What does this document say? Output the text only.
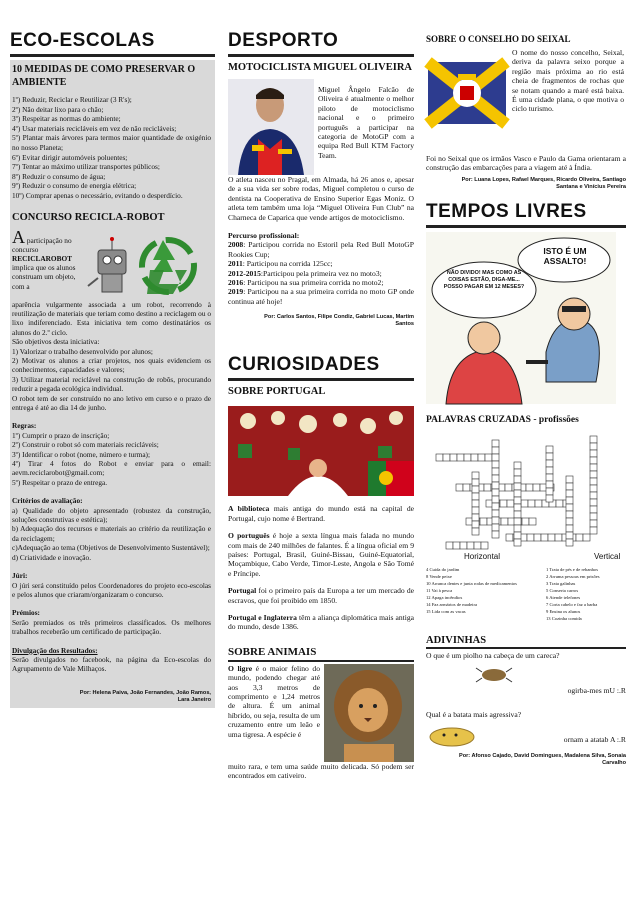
ECO-ESCOLAS
10 MEDIDAS DE COMO PRESERVAR O AMBIENTE

1º) Reduzir, Reciclar e Reutilizar (3 R's);

2º) Não deitar lixo para o chão;

3º) Respeitar as normas do ambiente;

4º) Usar materiais recicláveis em vez de não recicláveis;

5º) Plantar mais árvores para termos maior quantidade de oxigénio no nosso Planeta;

6º) Evitar dirigir automóveis poluentes;

7º) Tentar ao máximo utilizar transportes públicos;

8º) Reduzir o consumo de água;

9º) Reduzir o consumo de energia elétrica;

10º) Comprar apenas o necessário, evitando o desperdício.

CONCURSO RECICLA-ROBOT
A participação no concurso
RECICLAROBOT
implica que os alunos construam um objeto, com a
aparência vulgarmente associada a um robot, recorrendo à reutilização de materiais que teriam como destino a reciclagem ou o lixo indiferenciado. Esta iniciativa tem como destinatários os alunos do 2.º ciclo.
São objetivos desta iniciativa:

1) Valorizar o trabalho desenvolvido por alunos;

2) Motivar os alunos a criar projetos, nos quais evidenciem os conhecimentos, capacidades e valores;

3) Utilizar material reciclável na construção de robôs, procurando reduzir a pegada ecológica individual.

O robot tem de ser construído no ano letivo em curso e o prazo de entrega é até ao dia 14 de junho.
Regras:

1º) Cumprir o prazo de inscrição;

2º) Construir o robot só com materiais recicláveis;

3º) Identificar o robot (nome, número e turma);

4º) Tirar 4 fotos do Robot e enviar para o email: aevm.reciclarobot@gmail.com;

5º) Respeitar o prazo de entrega.

Critérios de avaliação:

a) Qualidade do objeto apresentado (robustez da construção, soluções construtivas e estética);

b) Adequação dos recursos e materiais ao critério da reutilização e da reciclagem;

c)Adequação ao tema (Objetivos de Desenvolvimento Sustentável);

d) Criatividade e inovação.

Júri:
O júri será constituído pelos Coordenadores do projeto eco-escolas e pelos alunos que criaram/organizaram o concurso.
Prémios:
Serão premiados os três primeiros classificados. Os melhores trabalhos receberão um certificado de participação.
Divulgação dos Resultados:
Serão divulgados no facebook, na página da Eco-escolas do Agrupamento de Vale Milhaços.
Por: Helena Paiva, João Fernandes, João Ramos, Lara Janeiro
DESPORTO
MOTOCICLISTA MIGUEL OLIVEIRA
Miguel Ângelo Falcão de Oliveira é atualmente o melhor piloto de motociclismo nacional e o primeiro português a participar na categoria de MotoGP com a equipa Red Bull KTM Factory Team.
O atleta nasceu no Pragal, em Almada, há 26 anos e, apesar de a sua vida ser sobre rodas, Miguel completou o curso de dentista na Cooperativa de Ensino Superior Egas Moniz. O atleta tem também uma loja “Miguel Oliveira Fun Club” na Charneca de Caparica que vende artigos de motociclismo.
Percurso profissional:

2008: Participou corrida no Estoril pela Red Bull MotoGP Rookies Cup;

2011: Participou na corrida 125cc;

2012-2015:Participou pela primeira vez no moto3;

2016: Participou na sua primeira corrida no moto2;

2019: Participou na a sua primeira corrida no moto GP onde continua até hoje!

Por: Carlos Santos, Filipe Condiz, Gabriel Lucas, Martim Santos
CURIOSIDADES
SOBRE PORTUGAL

A biblioteca mais antiga do mundo está na capital de Portugal, cujo nome é Bertrand.

O português é hoje a sexta língua mais falada no mundo com mais de 240 milhões de falantes. É a língua oficial em 9 países: Portugal, Brasil, Guiné-Bissau, Guiné-Equatorial, Moçambique, Cabo Verde, Timor-Leste, Angola e São Tomé e Príncipe.

Portugal foi o primeiro país da Europa a ter um mercado de escravos, que foi proibido em 1850.

Portugal e Inglaterra têm a aliança diplomática mais antiga do mundo, desde 1386.

SOBRE ANIMAIS
O ligre é o maior felino do mundo, podendo chegar até aos 3,3 metros de comprimento e 1,24 metros de altura. É um animal híbrido, ou seja, resulta de um cruzamento entre um leão e uma tigresa. A espécie é
muito rara, e tem uma saúde muito delicada. Só podem ser encontrados em cativeiro.
SOBRE O CONSELHO DO SEIXAL
O nome do nosso concelho, Seixal, deriva da palavra seixo porque a região mais próxima ao rio está cheia de fragmentos de rochas que se notam quando a maré está baixa. É uma cidade plana, o que motiva o ciclo turismo.
Foi no Seixal que os irmãos Vasco e Paulo da Gama orientaram a construção das embarcações para a viagem até à Índia.
Por: Luana Lopes, Rafael Marques, Ricardo Oliveira, Santiago Santana e Vinícius Pereira
TEMPOS LIVRES
ISTO É UM ASSALTO!
NÃO DIVIDO! MAS COMO AS COISAS ESTÃO, DIGA-ME... POSSO PAGAR EM 12 MESES?
PALAVRAS CRUZADAS - profissões
Horizontal	Vertical
4 Cuida do jardim
8 Vende peixe
10 Arranca dentes e junta rodas de medicamentos
11 Vai à pesca
12 Apaga incêndios
14 Faz armários de madeira
15 Lida com as vacas
1 Trata de pés e de rebanhos
2 Arruma pessoas em prisões
3 Trata galinhas
5 Conserta carros
6 Atende telefones
7 Corta cabelo e faz a barba
9 Ensina os alunos
13 Cozinha comida
ADIVINHAS
O que é um piolho na cabeça de um careca?
ogirba-mes mU :.R
Qual é a batata mais agressiva?
ornam a atatab A :.R
Por: Afonso Cajado, David Domingues, Madalena Silva, Sonaia Carvalho
